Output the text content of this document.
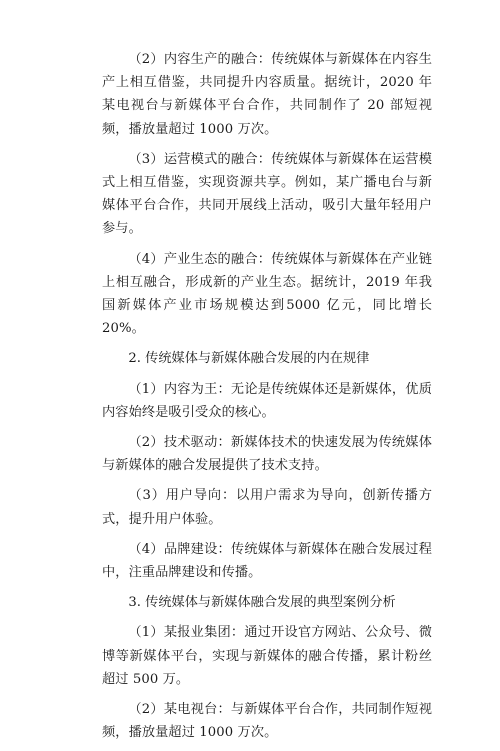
（2）内容生产的融合：传统媒体与新媒体在内容生产上相互借鉴，共同提升内容质量。据统计，2020 年某电视台与新媒体平台合作，共同制作了 20 部短视频，播放量超过 1000 万次。

（3）运营模式的融合：传统媒体与新媒体在运营模式上相互借鉴，实现资源共享。例如，某广播电台与新媒体平台合作，共同开展线上活动，吸引大量年轻用户参与。

（4）产业生态的融合：传统媒体与新媒体在产业链上相互融合，形成新的产业生态。据统计，2019 年我国新媒体产业市场规模达到5000 亿元，同比增长 20%。

2. 传统媒体与新媒体融合发展的内在规律

（1）内容为王：无论是传统媒体还是新媒体，优质内容始终是吸引受众的核心。

（2）技术驱动：新媒体技术的快速发展为传统媒体与新媒体的融合发展提供了技术支持。

（3）用户导向：以用户需求为导向，创新传播方式，提升用户体验。

（4）品牌建设：传统媒体与新媒体在融合发展过程中，注重品牌建设和传播。

3. 传统媒体与新媒体融合发展的典型案例分析

（1）某报业集团：通过开设官方网站、公众号、微博等新媒体平台，实现与新媒体的融合传播，累计粉丝超过 500 万。

（2）某电视台：与新媒体平台合作，共同制作短视频，播放量超过 1000 万次。
